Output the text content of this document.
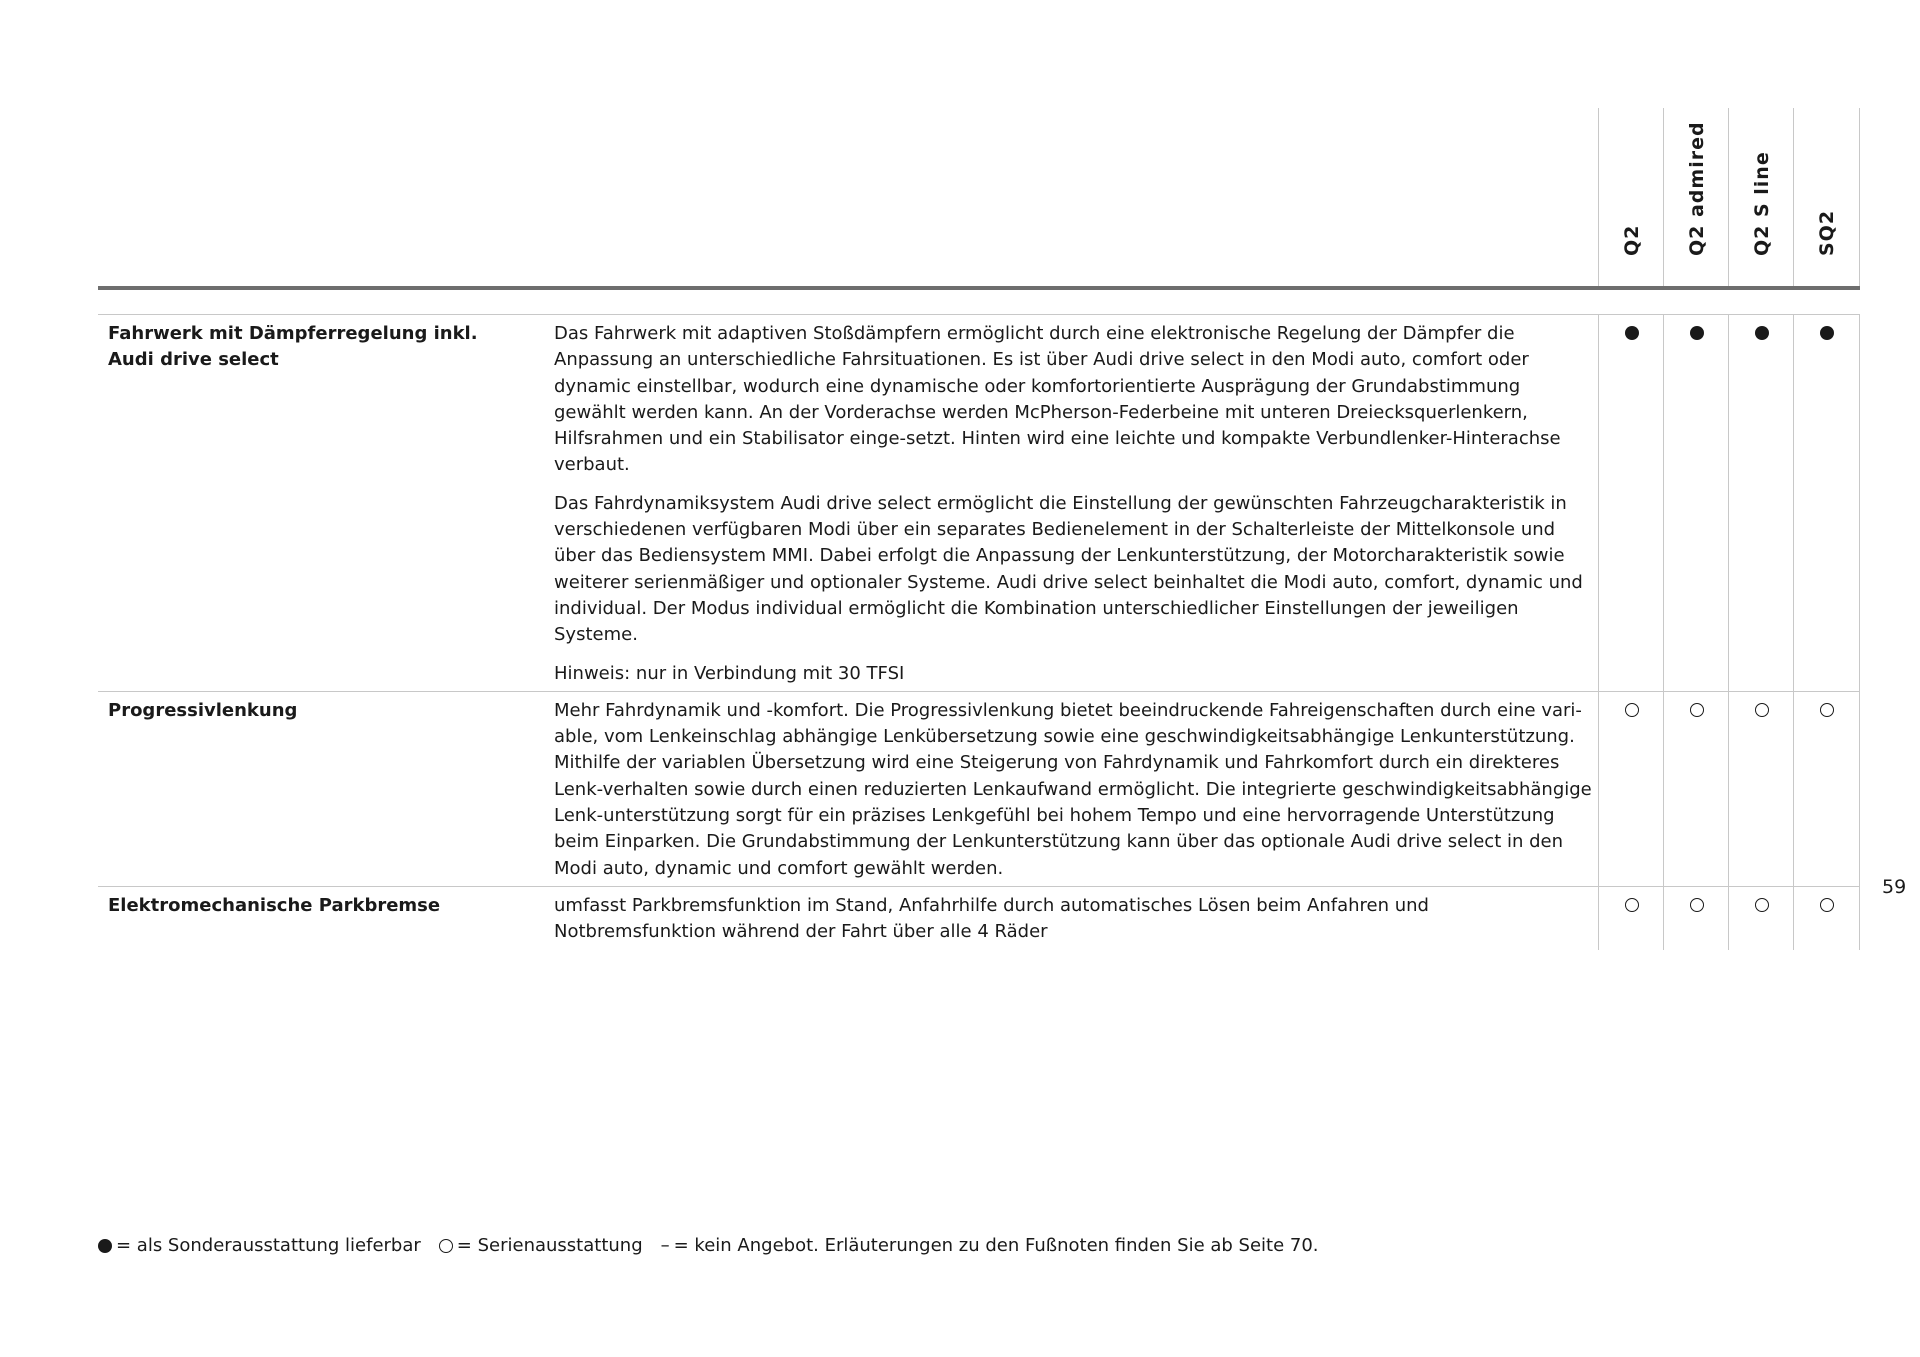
Q2 Q2 admired Q2 S line SQ2
Fahrwerk mit Dämpferregelung inkl. Audi drive select

Das Fahrwerk mit adaptiven Stoßdämpfern ermöglicht durch eine elektronische Regelung der Dämpfer die Anpassung an unterschiedliche Fahrsituationen. Es ist über Audi drive select in den Modi auto, comfort oder dynamic einstellbar, wodurch eine dynamische oder komfortorientierte Ausprägung der Grundabstimmung gewählt werden kann. An der Vorderachse werden McPherson-Federbeine mit unteren Dreiecksquerlenkern, Hilfsrahmen und ein Stabilisator einge-setzt. Hinten wird eine leichte und kompakte Verbundlenker-Hinterachse verbaut.

Das Fahrdynamiksystem Audi drive select ermöglicht die Einstellung der gewünschten Fahrzeugcharakteristik in verschiedenen verfügbaren Modi über ein separates Bedienelement in der Schalterleiste der Mittelkonsole und über das Bediensystem MMI. Dabei erfolgt die Anpassung der Lenkunterstützung, der Motorcharakteristik sowie weiterer serienmäßiger und optionaler Systeme. Audi drive select beinhaltet die Modi auto, comfort, dynamic und individual. Der Modus individual ermöglicht die Kombination unterschiedlicher Einstellungen der jeweiligen Systeme.

Hinweis: nur in Verbindung mit 30 TFSI

Progressivlenkung	Mehr Fahrdynamik und -komfort. Die Progressivlenkung bietet beeindruckende Fahreigenschaften durch eine vari-able, vom Lenkeinschlag abhängige Lenkübersetzung sowie eine geschwindigkeitsabhängige Lenkunterstützung. Mithilfe der variablen Übersetzung wird eine Steigerung von Fahrdynamik und Fahrkomfort durch ein direkteres Lenk-verhalten sowie durch einen reduzierten Lenkaufwand ermöglicht. Die integrierte geschwindigkeitsabhängige Lenk-unterstützung sorgt für ein präzises Lenkgefühl bei hohem Tempo und eine hervorragende Unterstützung beim Einparken. Die Grundabstimmung der Lenkunterstützung kann über das optionale Audi drive select in den Modi auto, dynamic und comfort gewählt werden.

Elektromechanische Parkbremse	umfasst Parkbremsfunktion im Stand, Anfahrhilfe durch automatisches Lösen beim Anfahren und Notbremsfunktion während der Fahrt über alle 4 Räder

59
= als Sonderausstattung lieferbar = Serienausstattung – = kein Angebot. Erläuterungen zu den Fußnoten finden Sie ab Seite 70.
